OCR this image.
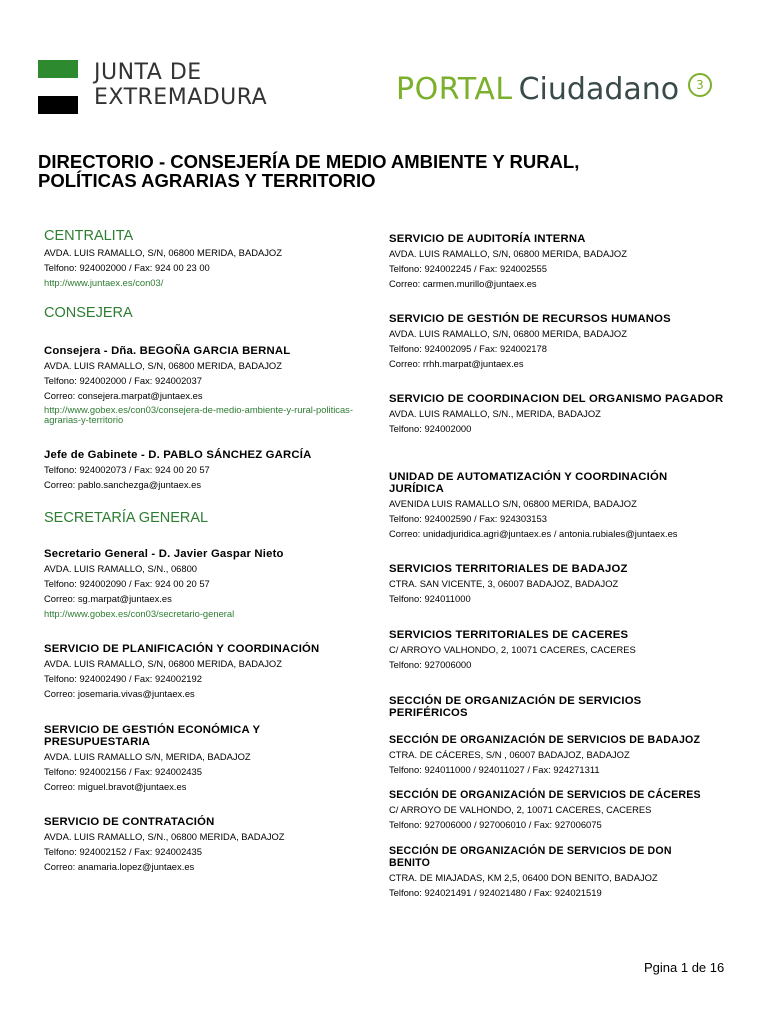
JUNTA DE
EXTREMADURA	PORTAL Ciudadano	3
DIRECTORIO - CONSEJERÍA DE MEDIO AMBIENTE Y RURAL,
POLÍTICAS AGRARIAS Y TERRITORIO
CENTRALITA
AVDA. LUIS RAMALLO, S/N, 06800 MERIDA, BADAJOZ
Telfono: 924002000 / Fax: 924 00 23 00
http://www.juntaex.es/con03/
CONSEJERA
Consejera - Dña. BEGOÑA GARCIA BERNAL
AVDA. LUIS RAMALLO, S/N, 06800 MERIDA, BADAJOZ
Telfono: 924002000 / Fax: 924002037
Correo: consejera.marpat@juntaex.es
http://www.gobex.es/con03/consejera-de-medio-ambiente-y-rural-politicas-agrarias-y-territorio
Jefe de Gabinete - D. PABLO SÁNCHEZ GARCÍA
Telfono: 924002073 / Fax: 924 00 20 57
Correo: pablo.sanchezga@juntaex.es
SECRETARÍA GENERAL
Secretario General - D. Javier Gaspar Nieto
AVDA. LUIS RAMALLO, S/N., 06800
Telfono: 924002090 / Fax: 924 00 20 57
Correo: sg.marpat@juntaex.es
http://www.gobex.es/con03/secretario-general
SERVICIO DE PLANIFICACIÓN Y COORDINACIÓN
AVDA. LUIS RAMALLO, S/N, 06800 MERIDA, BADAJOZ
Telfono: 924002490 / Fax: 924002192
Correo: josemaria.vivas@juntaex.es
SERVICIO DE GESTIÓN ECONÓMICA Y PRESUPUESTARIA
AVDA. LUIS RAMALLO S/N, MERIDA, BADAJOZ
Telfono: 924002156 / Fax: 924002435
Correo: miguel.bravot@juntaex.es
SERVICIO DE CONTRATACIÓN
AVDA. LUIS RAMALLO, S/N., 06800 MERIDA, BADAJOZ
Telfono: 924002152 / Fax: 924002435
Correo: anamaria.lopez@juntaex.es
SERVICIO DE AUDITORÍA INTERNA
AVDA. LUIS RAMALLO, S/N, 06800 MERIDA, BADAJOZ
Telfono: 924002245 / Fax: 924002555
Correo: carmen.murillo@juntaex.es
SERVICIO DE GESTIÓN DE RECURSOS HUMANOS
AVDA. LUIS RAMALLO, S/N, 06800 MERIDA, BADAJOZ
Telfono: 924002095 / Fax: 924002178
Correo: rrhh.marpat@juntaex.es
SERVICIO DE COORDINACION DEL ORGANISMO PAGADOR
AVDA. LUIS RAMALLO, S/N., MERIDA, BADAJOZ
Telfono: 924002000
UNIDAD DE AUTOMATIZACIÓN Y COORDINACIÓN JURÍDICA
AVENIDA LUIS RAMALLO S/N, 06800 MERIDA, BADAJOZ
Telfono: 924002590 / Fax: 924303153
Correo: unidadjuridica.agri@juntaex.es / antonia.rubiales@juntaex.es
SERVICIOS TERRITORIALES DE BADAJOZ
CTRA. SAN VICENTE, 3, 06007 BADAJOZ, BADAJOZ
Telfono: 924011000
SERVICIOS TERRITORIALES DE CACERES
C/ ARROYO VALHONDO, 2, 10071 CACERES, CACERES
Telfono: 927006000
SECCIÓN DE ORGANIZACIÓN DE SERVICIOS PERIFÉRICOS
SECCIÓN DE ORGANIZACIÓN DE SERVICIOS DE BADAJOZ
CTRA. DE CÁCERES, S/N , 06007 BADAJOZ, BADAJOZ
Telfono: 924011000 / 924011027 / Fax: 924271311
SECCIÓN DE ORGANIZACIÓN DE SERVICIOS DE CÁCERES
C/ ARROYO DE VALHONDO, 2, 10071 CACERES, CACERES
Telfono: 927006000 / 927006010 / Fax: 927006075
SECCIÓN DE ORGANIZACIÓN DE SERVICIOS DE DON BENITO
CTRA. DE MIAJADAS, KM 2,5, 06400 DON BENITO, BADAJOZ
Telfono: 924021491 / 924021480 / Fax: 924021519
Pgina 1 de 16
